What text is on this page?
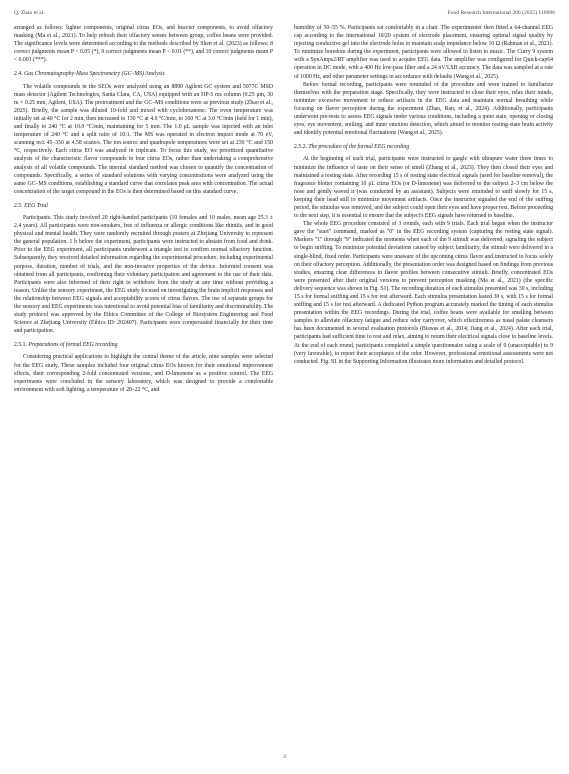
Q. Zhao et al.	Food Research International 206 (2025) 116096

arranged as follows: lighter components, original citrus EOs, and heavier components, to avoid olfactory masking (Ma et al., 2021). To help refresh their olfactory senses between group, coffee beans were provided. The significance levels were determined according to the methods described by Shen et al. (2023) as follows: 8 correct judgments mean P < 0.05 (*), 9 correct judgments mean P < 0.01 (**), and 10 correct judgments mean P < 0.001 (***).

2.4. Gas Chromatography-Mass Spectrometry (GC–MS) Analysis

The volatile compounds in the SEOs were analyzed using an 8890 Agilent GC system and 5977C MSD mass detector (Agilent Technologies, Santa Clara, CA, USA) equipped with an HP-5 ms column (0.25 μm, 30 m × 0.25 mm, Agilent, USA). The pretreatment and the GC–MS conditions were as previous study (Zhao et al., 2025). Briefly, the sample was diluted 10-fold and mixed with cyclohexanone. The oven temperature was initially set at 40 °C for 2 min, then increased to 130 °C at 4.0 °C/min, to 160 °C at 3.0 °C/min (held for 1 min), and finally to 240 °C at 10.0 °C/min, maintaining for 5 min. The 1.0 μL sample was injected with an inlet temperature of 240 °C and a split ratio of 10:1. The MS was operated in electron impact mode at 70 eV, scanning m/z 45–350 at 4.58 scans/s. The ion source and quadrupole temperatures were set at 230 °C and 150 °C, respectively. Each citrus EO was analyzed in triplicate. To focus this study, we prioritized quantitative analysis of the characteristic flavor compounds in four citrus EOs, rather than undertaking a comprehensive analysis of all volatile compounds. The internal standard method was chosen to quantify the concentration of compounds. Specifically, a series of standard solutions with varying concentrations were analyzed using the same GC–MS conditions, establishing a standard curve that correlates peak area with concentration. The actual concentration of the target compound in the EOs is then determined based on this standard curve.

2.5. EEG Trial

Participants. This study involved 20 right-handed participants (10 females and 10 males, mean age 25.3 ± 2.4 years). All participants were non-smokers, free of influenza or allergic conditions like rhinitis, and in good physical and mental health. They were randomly recruited through posters at Zhejiang University to represent the general population. 1 h before the experiment, participants were instructed to abstain from food and drink. Prior to the EEG experiment, all participants underwent a triangle test to confirm normal olfactory function. Subsequently, they received detailed information regarding the experimental procedure, including experimental purpose, duration, number of trials, and the non-invasive properties of the device. Informed consent was obtained from all participants, confirming their voluntary participation and agreement to the use of their data. Participants were also informed of their right to withdraw from the study at any time without providing a reason. Unlike the sensory experiment, the EEG study focused on investigating the brain implicit responses and the relationship between EEG signals and acceptability scores of citrus flavors. The use of separate groups for the sensory and EEG experiments was intentional to avoid potential bias of familiarity and discriminability. The study protocol was approved by the Ethics Committee of the College of Biosystem Engineering and Food Science at Zhejiang University (Ethics ID: 202407). Participants were compensated financially for their time and participation.

2.5.1. Preparations of formal EEG recording

Considering practical applications to highlight the central theme of the article, nine samples were selected for the EEG study. These samples included four original citrus EOs known for their emotional improvement effects, their corresponding 2-fold concentrated versions, and D-limonene as a positive control. The EEG experiments were concluded in the sensory laboratory, which was designed to provide a comfortable environment with soft lighting, a temperature of 20–22 °C, and

humidity of 50–55 %. Participants sat comfortably in a chair. The experimenter then fitted a 64-channel EEG cap according to the international 10/20 system of electrode placement, ensuring optimal signal quality by injecting conductive gel into the electrode holes to maintain scalp impedance below 10 Ω (Rahman et al., 2021). To minimize boredom during the experiment, participants were allowed to listen to music. The Curry 9 system with a SynAmps2/RT amplifier was used to acquire EEG data. The amplifier was configured for Quick-cap64 operation in DC mode, with a 400 Hz low-pass filter and a 24 nV/LSB accuracy. The data was sampled at a rate of 1000 Hz, and other parameter settings in accordance with defaults (Wang et al., 2025).

Before formal recording, participants were reminded of the procedure and were trained to familiarize themselves with the preparation stage. Specifically, they were instructed to close their eyes, relax their minds, minimize excessive movement to reduce artifacts in the EEG data and maintain normal breathing while focusing on flavor perception during the experiment (Zhao, Ran, et al., 2024). Additionally, participants underwent pre-tests to assess EEG signals under various conditions, including a quiet state, opening or closing eyes, eye movement, smiling, and inner emotion detection, which aimed to monitor resting-state brain activity and identify potential emotional fluctuations (Wang et al., 2025).

2.5.2. The procedure of the formal EEG recording

At the beginning of each trial, participants were instructed to gargle with ultrapure water three times to minimize the influence of taste on their sense of smell (Zhang et al., 2023). They then closed their eyes and maintained a resting state. After recording 15 s of resting state electrical signals (used for baseline removal), the fragrance blotter containing 10 μL citrus EOs (or D-limonene) was delivered to the subject 2–3 cm below the nose and gently waved it (was conducted by an assistant). Subjects were reminded to sniff slowly for 15 s, keeping their head still to minimize movement artifacts. Once the instructor signaled the end of the sniffing period, the stimulus was removed, and the subject could open their eyes and have proper rest. Before proceeding to the next step, it is essential to ensure that the subject's EEG signals have returned to baseline.

The whole EEG procedure consisted of 3 rounds, each with 9 trials. Each trial began when the instructor gave the "start" command, marked as "0" in the EEG recording system (capturing the resting state signal). Markers "1" through "9" indicated the moments when each of the 9 stimuli was delivered, signaling the subject to begin sniffing. To minimize potential deviations caused by subject familiarity, the stimuli were delivered in a single-blind, fixed order. Participants were unaware of the upcoming citrus flavor and instructed to focus solely on their olfactory perception. Additionally, the presentation order was designed based on findings from previous studies, ensuring clear differences in flavor profiles between consecutive stimuli. Briefly, concentrated EOs were presented after their original versions to prevent perception masking (Ma et al., 2021) (the specific delivery sequence was shown in Fig. S1). The recording duration of each stimulus presented was 30 s, including 15 s for formal sniffing and 15 s for rest afterward. Each stimulus presentation lasted 30 s, with 15 s for formal sniffing and 15 s for rest afterward. A dedicated Python program accurately marked the timing of each stimulus presentation within the EEG recordings. During the trial, coffee beans were available for smelling between samples to alleviate olfactory fatigue and reduce odor carryover, which effectiveness as nasal palate cleansers has been documented in several evaluation protocols (Biswas et al., 2014; Jiang et al., 2024). After each trial, participants had sufficient time to rest and relax, aiming to return their electrical signals close to baseline levels. At the end of each round, participants completed a simple questionnaire using a scale of 0 (unacceptable) to 9 (very favorable), to report their acceptance of the odor. However, professional emotional assessments were not conducted. Fig. S1 in the Supporting Information illustrates more information and detailed protocol.

3
